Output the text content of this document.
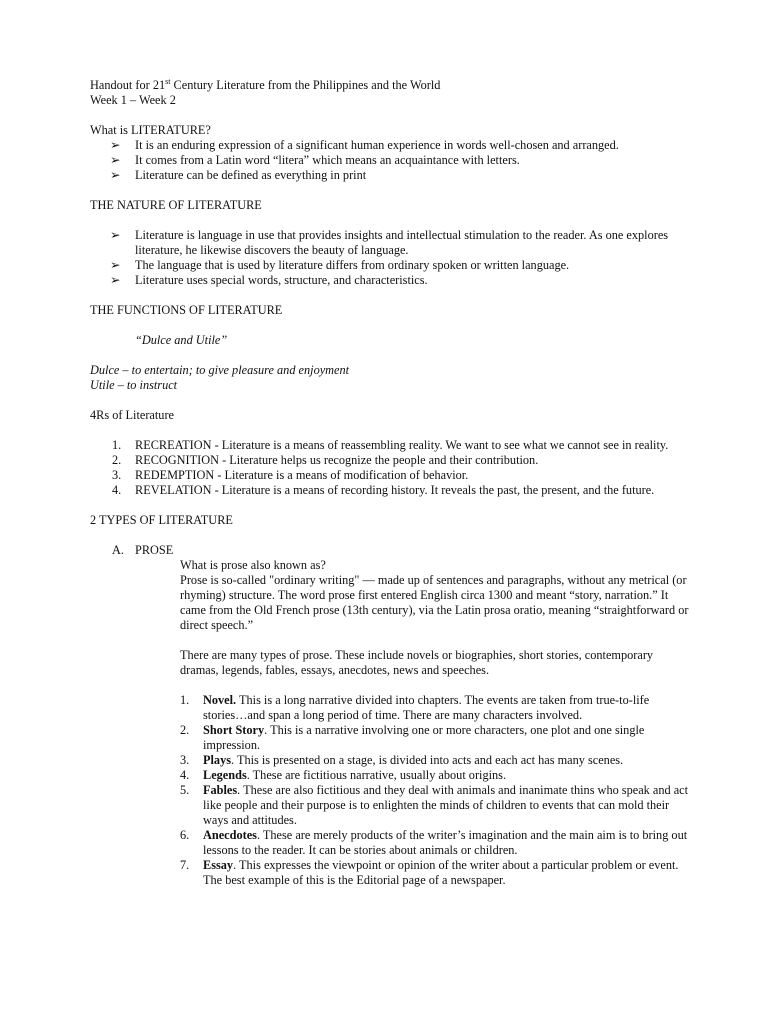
Handout for 21st Century Literature from the Philippines and the World

Week 1 – Week 2

What is LITERATURE?

➢ It is an enduring expression of a significant human experience in words well-chosen and arranged.
➢ It comes from a Latin word “litera” which means an acquaintance with letters.
➢ Literature can be defined as everything in print

THE NATURE OF LITERATURE

➢ Literature is language in use that provides insights and intellectual stimulation to the reader. As one explores literature, he likewise discovers the beauty of language.
➢ The language that is used by literature differs from ordinary spoken or written language.
➢ Literature uses special words, structure, and characteristics.

THE FUNCTIONS OF LITERATURE

“Dulce and Utile”

Dulce – to entertain; to give pleasure and enjoyment

Utile – to instruct

4Rs of Literature

1. RECREATION - Literature is a means of reassembling reality. We want to see what we cannot see in reality.
2. RECOGNITION - Literature helps us recognize the people and their contribution.
3. REDEMPTION - Literature is a means of modification of behavior.
4. REVELATION - Literature is a means of recording history. It reveals the past, the present, and the future.

2 TYPES OF LITERATURE

A. PROSE

What is prose also known as?

Prose is so-called "ordinary writing" — made up of sentences and paragraphs, without any metrical (or rhyming) structure. The word prose first entered English circa 1300 and meant “story, narration.” It came from the Old French prose (13th century), via the Latin prosa oratio, meaning “straightforward or direct speech.”

There are many types of prose. These include novels or biographies, short stories, contemporary dramas, legends, fables, essays, anecdotes, news and speeches.

1. Novel. This is a long narrative divided into chapters. The events are taken from true-to-life stories…and span a long period of time. There are many characters involved.
2. Short Story. This is a narrative involving one or more characters, one plot and one single impression.
3. Plays. This is presented on a stage, is divided into acts and each act has many scenes.
4. Legends. These are fictitious narrative, usually about origins.
5. Fables. These are also fictitious and they deal with animals and inanimate thins who speak and act like people and their purpose is to enlighten the minds of children to events that can mold their ways and attitudes.
6. Anecdotes. These are merely products of the writer’s imagination and the main aim is to bring out lessons to the reader. It can be stories about animals or children.
7. Essay. This expresses the viewpoint or opinion of the writer about a particular problem or event. The best example of this is the Editorial page of a newspaper.
